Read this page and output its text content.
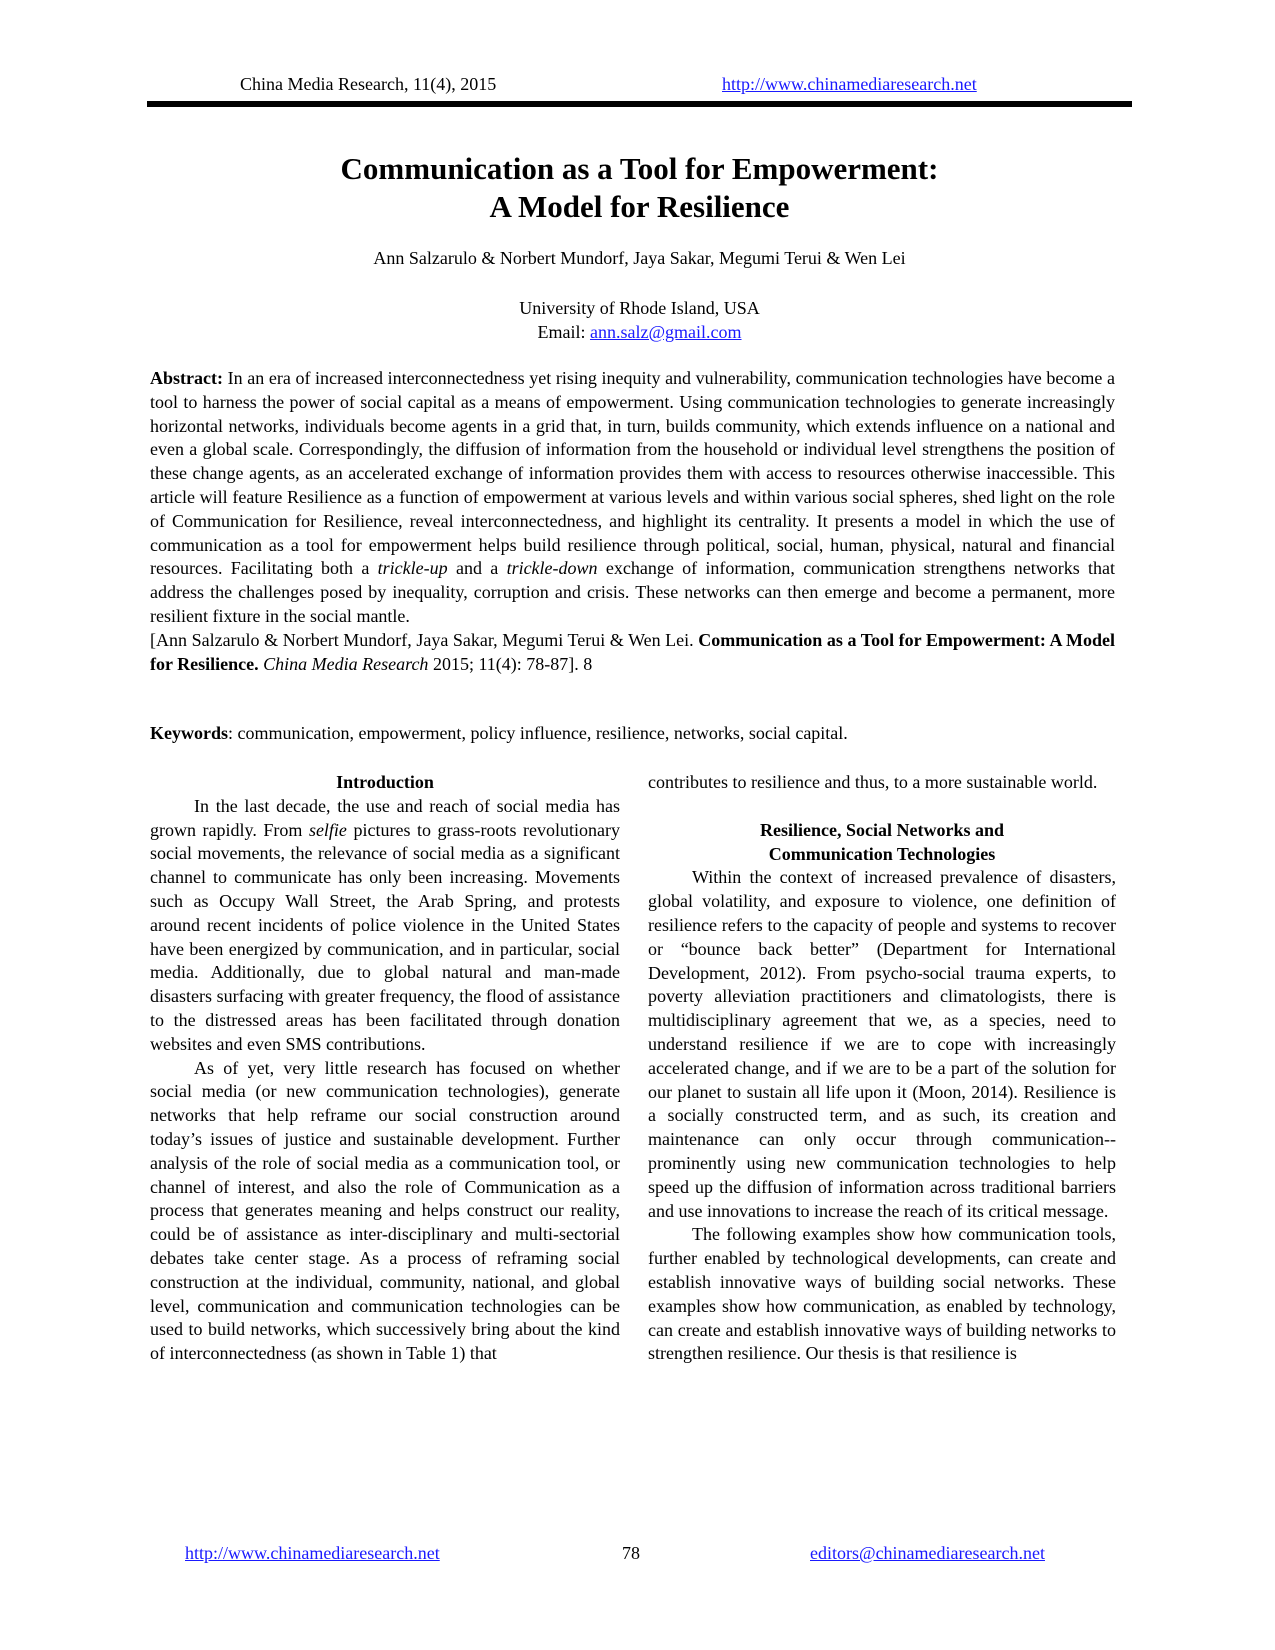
China Media Research, 11(4), 2015	http://www.chinamediaresearch.net
Communication as a Tool for Empowerment:
A Model for Resilience
Ann Salzarulo & Norbert Mundorf, Jaya Sakar, Megumi Terui & Wen Lei
University of Rhode Island, USA
Email: ann.salz@gmail.com

Abstract: In an era of increased interconnectedness yet rising inequity and vulnerability, communication technologies have become a tool to harness the power of social capital as a means of empowerment. Using communication technologies to generate increasingly horizontal networks, individuals become agents in a grid that, in turn, builds community, which extends influence on a national and even a global scale. Correspondingly, the diffusion of information from the household or individual level strengthens the position of these change agents, as an accelerated exchange of information provides them with access to resources otherwise inaccessible. This article will feature Resilience as a function of empowerment at various levels and within various social spheres, shed light on the role of Communication for Resilience, reveal interconnectedness, and highlight its centrality. It presents a model in which the use of communication as a tool for empowerment helps build resilience through political, social, human, physical, natural and financial resources. Facilitating both a trickle-up and a trickle-down exchange of information, communication strengthens networks that address the challenges posed by inequality, corruption and crisis. These networks can then emerge and become a permanent, more resilient fixture in the social mantle.

[Ann Salzarulo & Norbert Mundorf, Jaya Sakar, Megumi Terui & Wen Lei. Communication as a Tool for Empowerment: A Model for Resilience. China Media Research 2015; 11(4): 78-87]. 8

Keywords: communication, empowerment, policy influence, resilience, networks, social capital.
Introduction

In the last decade, the use and reach of social media has grown rapidly. From selfie pictures to grass-roots revolutionary social movements, the relevance of social media as a significant channel to communicate has only been increasing. Movements such as Occupy Wall Street, the Arab Spring, and protests around recent incidents of police violence in the United States have been energized by communication, and in particular, social media. Additionally, due to global natural and man-made disasters surfacing with greater frequency, the flood of assistance to the distressed areas has been facilitated through donation websites and even SMS contributions.

As of yet, very little research has focused on whether social media (or new communication technologies), generate networks that help reframe our social construction around today’s issues of justice and sustainable development. Further analysis of the role of social media as a communication tool, or channel of interest, and also the role of Communication as a process that generates meaning and helps construct our reality, could be of assistance as inter-disciplinary and multi-sectorial debates take center stage. As a process of reframing social construction at the individual, community, national, and global level, communication and communication technologies can be used to build networks, which successively bring about the kind of interconnectedness (as shown in Table 1) that

contributes to resilience and thus, to a more sustainable world.

Resilience, Social Networks and
Communication Technologies

Within the context of increased prevalence of disasters, global volatility, and exposure to violence, one definition of resilience refers to the capacity of people and systems to recover or “bounce back better” (Department for International Development, 2012). From psycho-social trauma experts, to poverty alleviation practitioners and climatologists, there is multidisciplinary agreement that we, as a species, need to understand resilience if we are to cope with increasingly accelerated change, and if we are to be a part of the solution for our planet to sustain all life upon it (Moon, 2014). Resilience is a socially constructed term, and as such, its creation and maintenance can only occur through communication--prominently using new communication technologies to help speed up the diffusion of information across traditional barriers and use innovations to increase the reach of its critical message.

The following examples show how communication tools, further enabled by technological developments, can create and establish innovative ways of building social networks. These examples show how communication, as enabled by technology, can create and establish innovative ways of building networks to strengthen resilience. Our thesis is that resilience is

http://www.chinamediaresearch.net	78	editors@chinamediaresearch.net
